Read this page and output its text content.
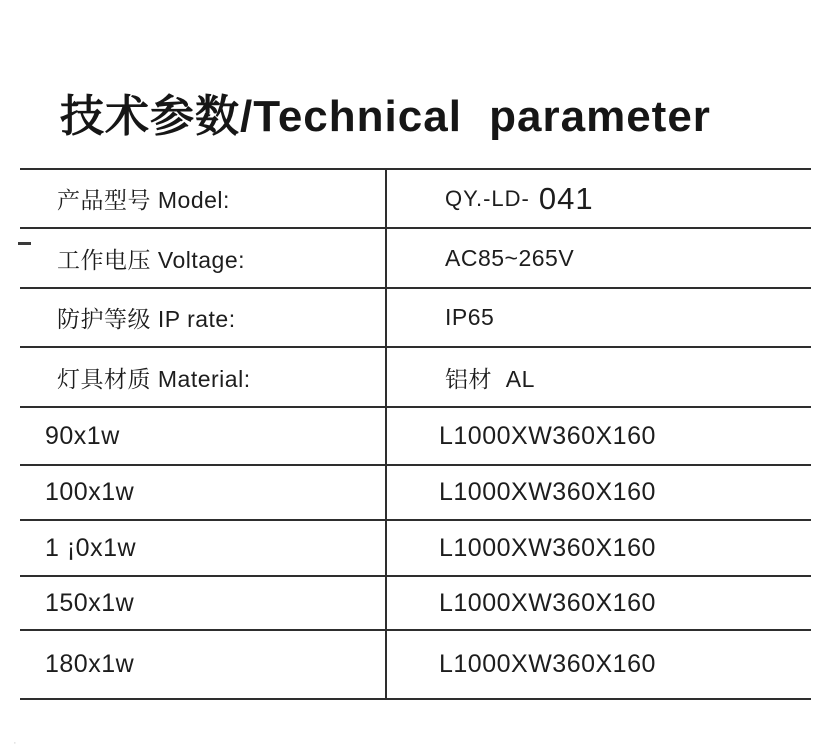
技术参数/Technical parameter
产品型号 Model:	QY.-LD- 041
工作电压 Voltage:	AC85~265V
防护等级 IP rate:	IP65
灯具材质 Material:	铝材  AL
90x1w	L1000XW360X160
100x1w	L1000XW360X160
1 ¡0x1w	L1000XW360X160
150x1w	L1000XW360X160
180x1w	L1000XW360X160
·
